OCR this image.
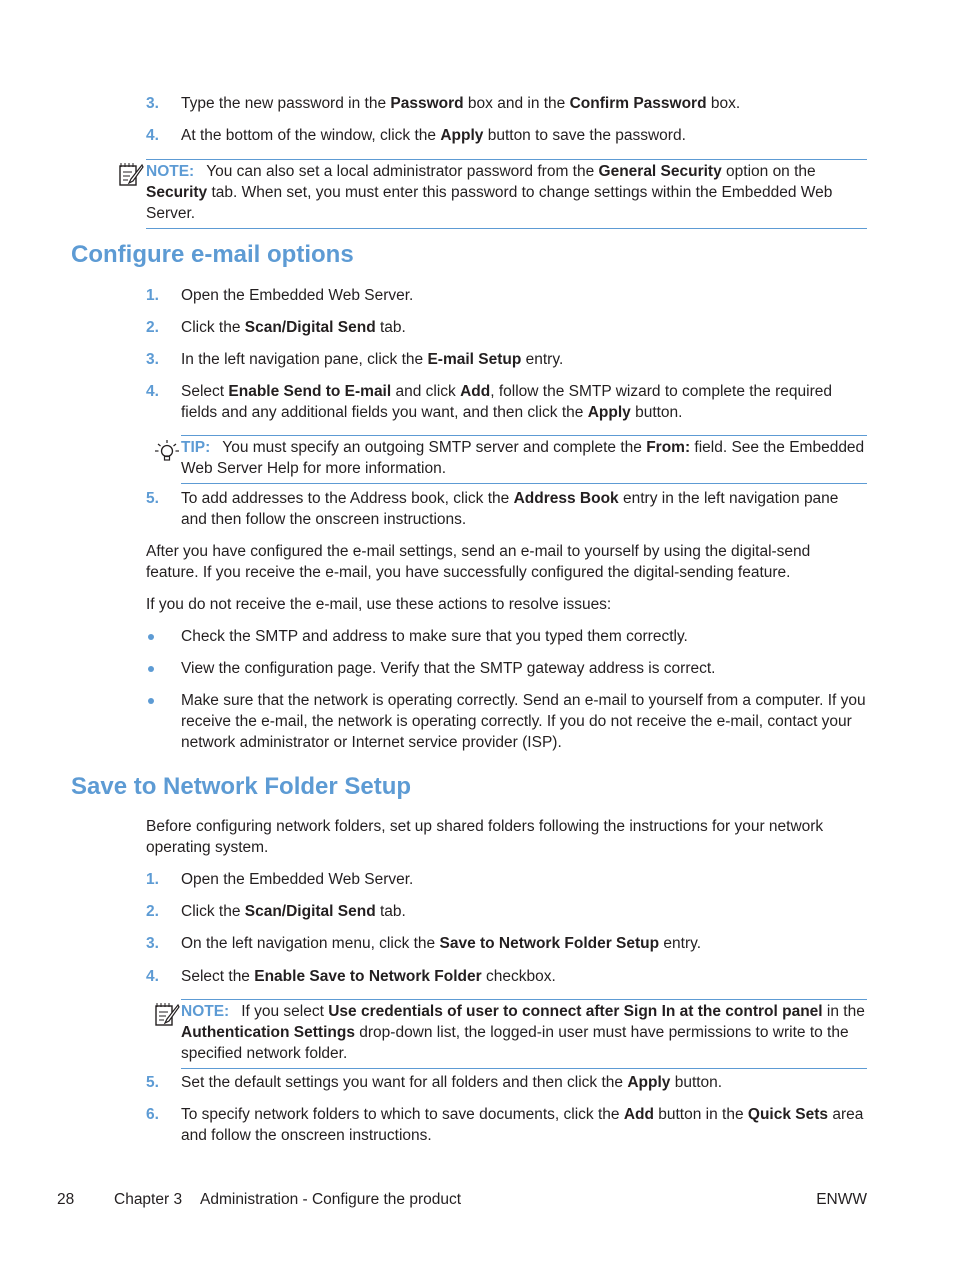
3.	Type the new password in the Password box and in the Confirm Password box.
4.	At the bottom of the window, click the Apply button to save the password.
NOTE: You can also set a local administrator password from the General Security option on the Security tab. When set, you must enter this password to change settings within the Embedded Web Server.
Configure e-mail options
1.	Open the Embedded Web Server.
2.	Click the Scan/Digital Send tab.
3.	In the left navigation pane, click the E-mail Setup entry.
4.	Select Enable Send to E-mail and click Add, follow the SMTP wizard to complete the required fields and any additional fields you want, and then click the Apply button.
TIP: You must specify an outgoing SMTP server and complete the From: field. See the Embedded Web Server Help for more information.
5.	To add addresses to the Address book, click the Address Book entry in the left navigation pane and then follow the onscreen instructions.
After you have configured the e-mail settings, send an e-mail to yourself by using the digital-send feature. If you receive the e-mail, you have successfully configured the digital-sending feature.
If you do not receive the e-mail, use these actions to resolve issues:
Check the SMTP and address to make sure that you typed them correctly.
View the configuration page. Verify that the SMTP gateway address is correct.
Make sure that the network is operating correctly. Send an e-mail to yourself from a computer. If you receive the e-mail, the network is operating correctly. If you do not receive the e-mail, contact your network administrator or Internet service provider (ISP).
Save to Network Folder Setup
Before configuring network folders, set up shared folders following the instructions for your network operating system.
1.	Open the Embedded Web Server.
2.	Click the Scan/Digital Send tab.
3.	On the left navigation menu, click the Save to Network Folder Setup entry.
4.	Select the Enable Save to Network Folder checkbox.
NOTE: If you select Use credentials of user to connect after Sign In at the control panel in the Authentication Settings drop-down list, the logged-in user must have permissions to write to the specified network folder.
5.	Set the default settings you want for all folders and then click the Apply button.
6.	To specify network folders to which to save documents, click the Add button in the Quick Sets area and follow the onscreen instructions.
28	Chapter 3 Administration - Configure the product	ENWW
